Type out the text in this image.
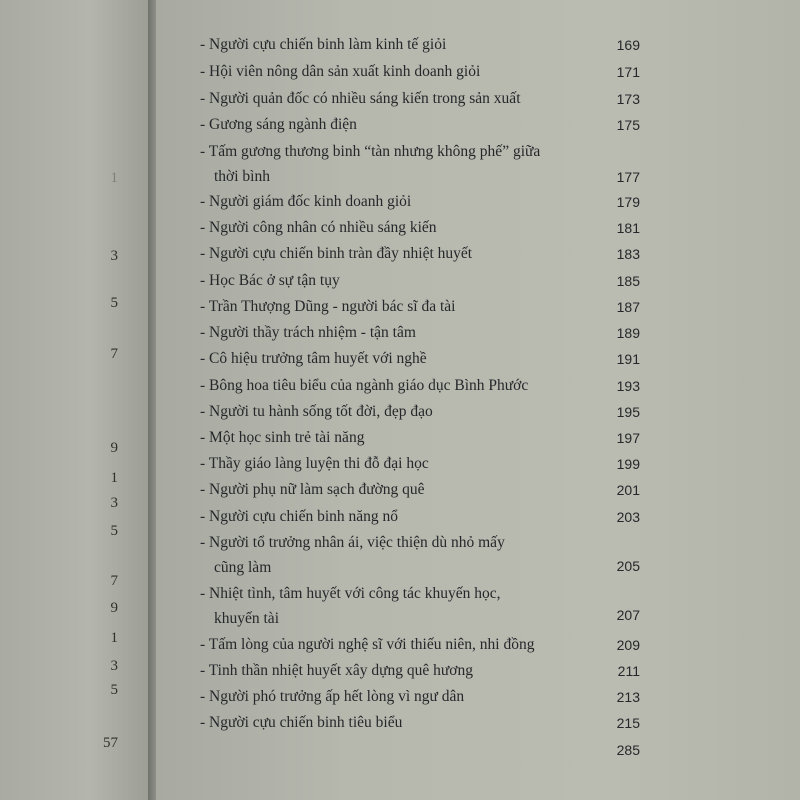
1
3
5
7
9
1
3
5
7
9
1
3
5
57
- Người cựu chiến binh làm kinh tế giỏi	169
- Hội viên nông dân sản xuất kinh doanh giỏi	171
- Người quản đốc có nhiều sáng kiến trong sản xuất	173
- Gương sáng ngành điện	175
- Tấm gương thương binh “tàn nhưng không phế” giữa
thời bình	177
- Người giám đốc kinh doanh giỏi	179
- Người công nhân có nhiều sáng kiến	181
- Người cựu chiến binh tràn đầy nhiệt huyết	183
- Học Bác ở sự tận tụy	185
- Trần Thượng Dũng - người bác sĩ đa tài	187
- Người thầy trách nhiệm - tận tâm	189
- Cô hiệu trưởng tâm huyết với nghề	191
- Bông hoa tiêu biểu của ngành giáo dục Bình Phước	193
- Người tu hành sống tốt đời, đẹp đạo	195
- Một học sinh trẻ tài năng	197
- Thầy giáo làng luyện thi đỗ đại học	199
- Người phụ nữ làm sạch đường quê	201
- Người cựu chiến binh năng nổ	203
- Người tổ trưởng nhân ái, việc thiện dù nhỏ mấy
cũng làm	205
- Nhiệt tình, tâm huyết với công tác khuyến học,
khuyến tài	207
- Tấm lòng của người nghệ sĩ với thiếu niên, nhi đồng	209
- Tinh thần nhiệt huyết xây dựng quê hương	211
- Người phó trưởng ấp hết lòng vì ngư dân	213
- Người cựu chiến binh tiêu biểu	215
285
